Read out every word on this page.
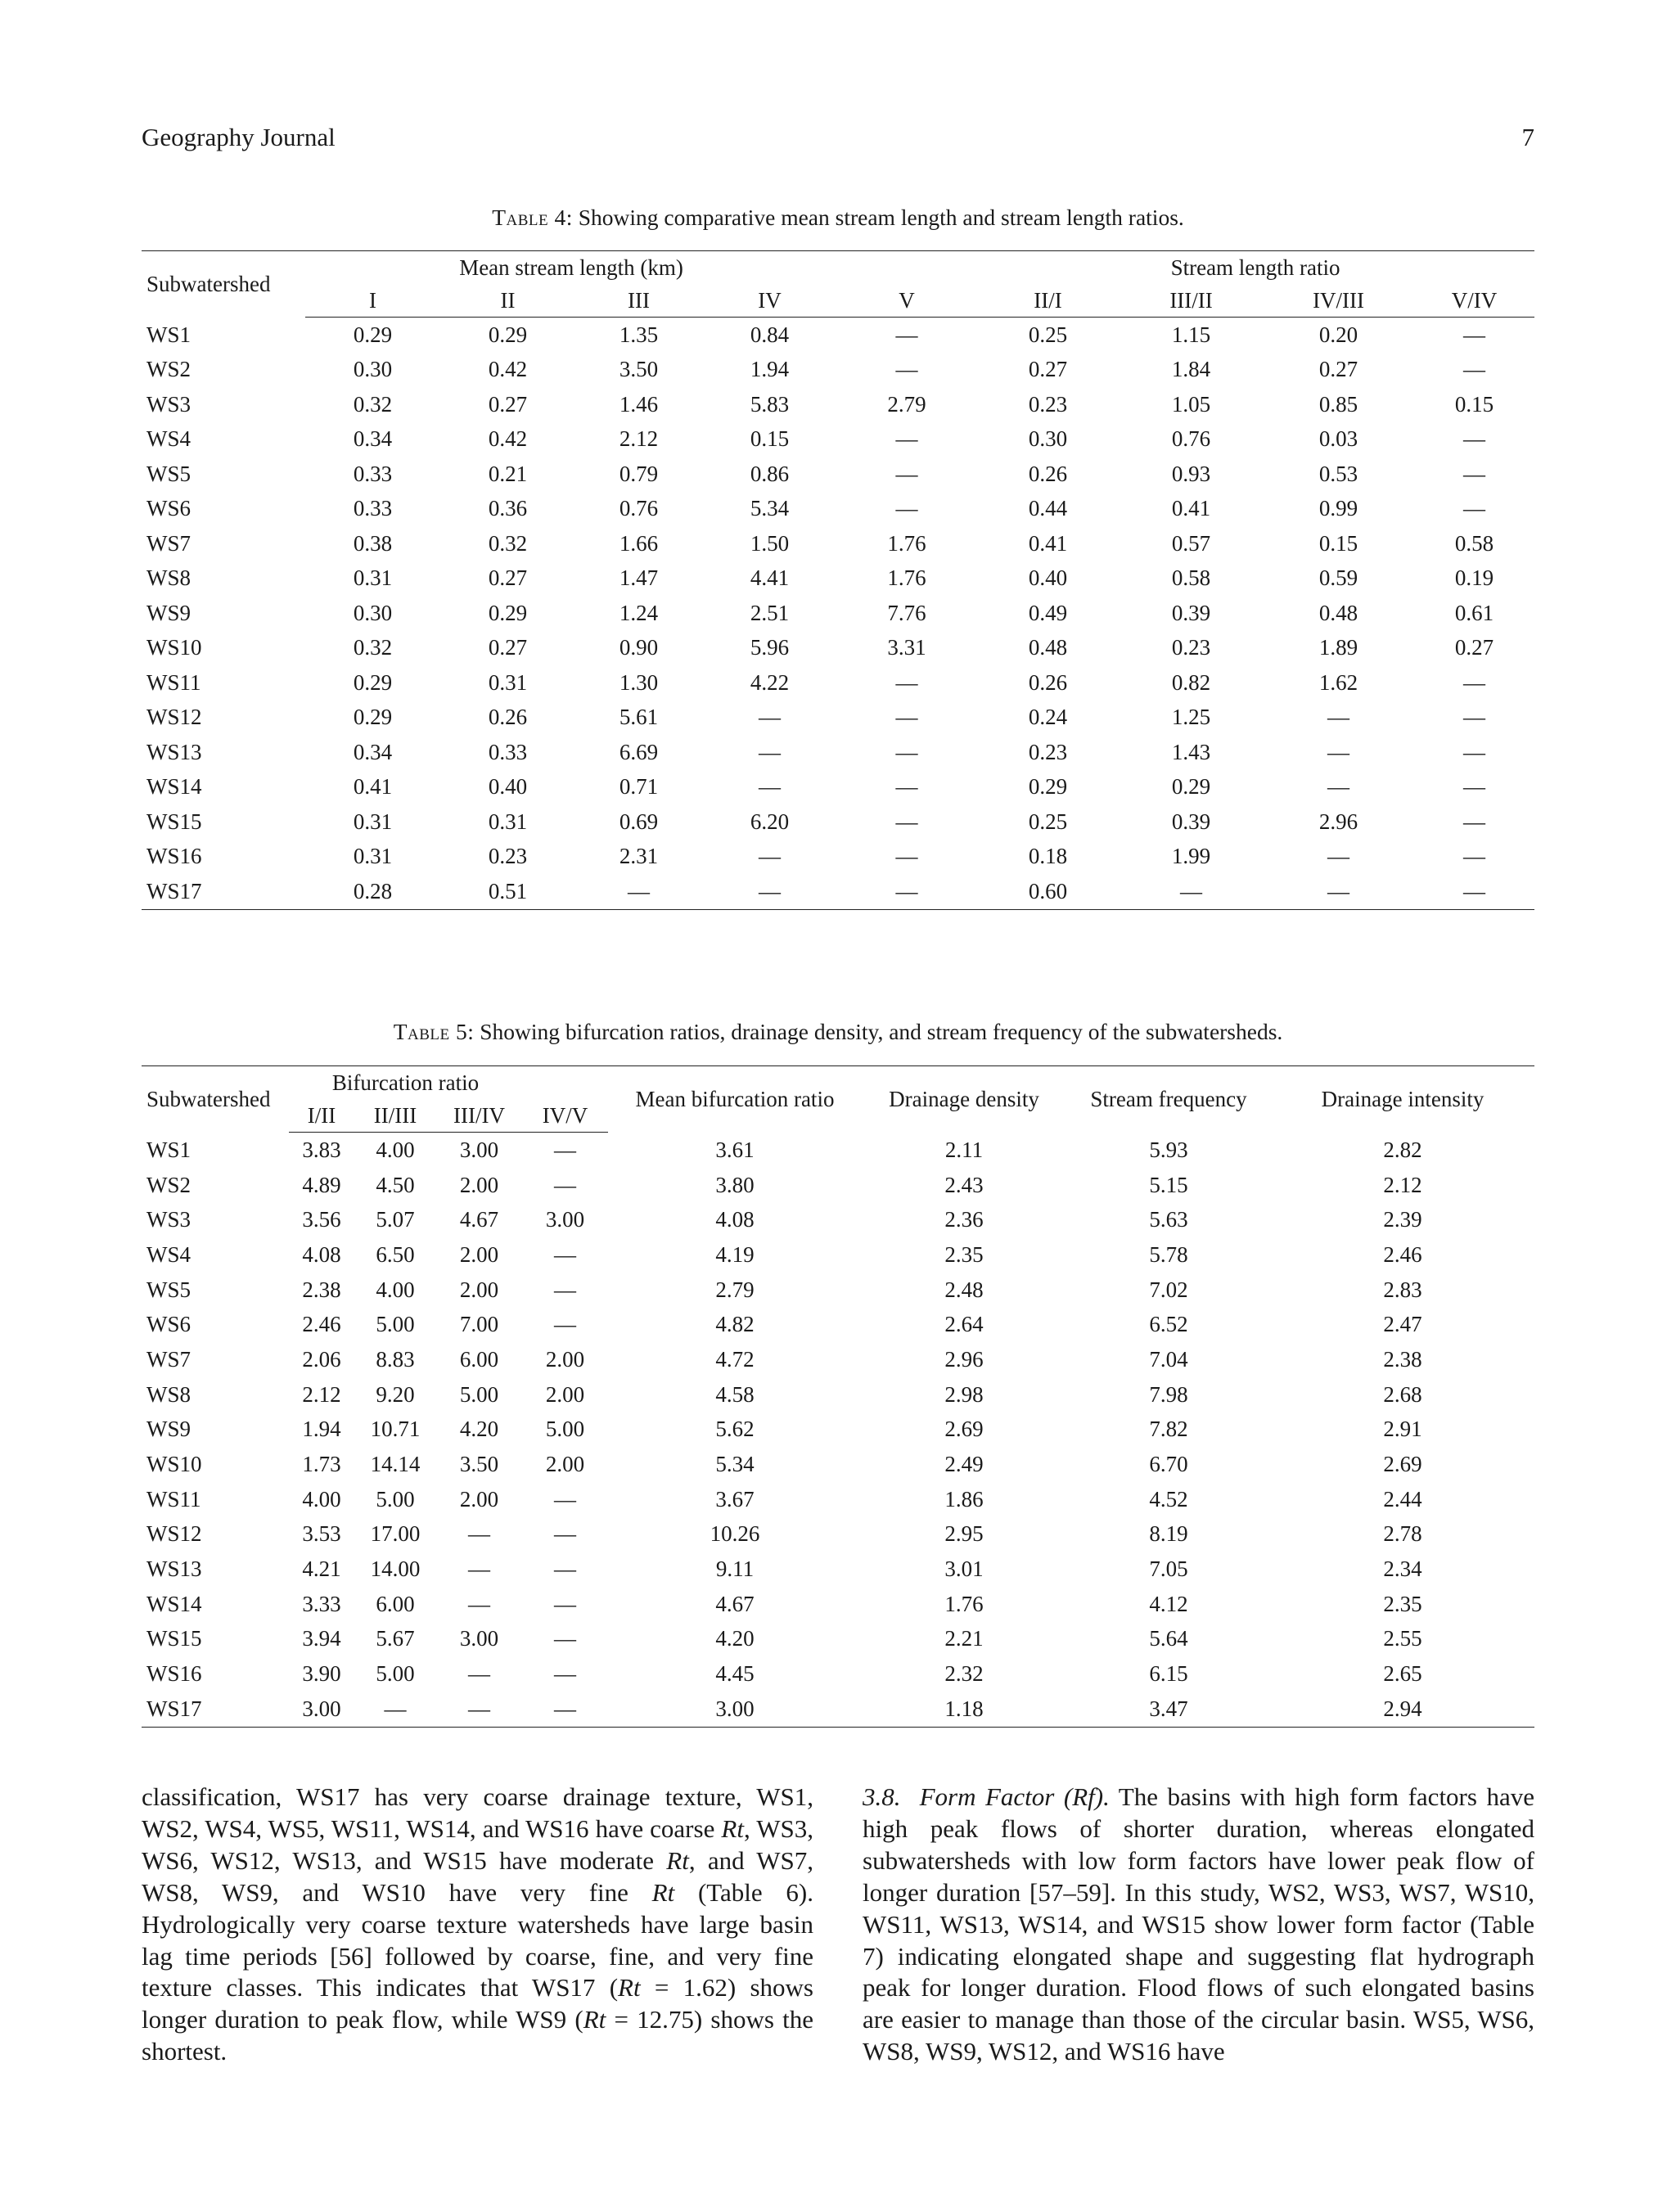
Geography Journal	7
Table 4: Showing comparative mean stream length and stream length ratios.
Subwatershed	Mean stream length (km)					Stream length ratio			
	I	II	III	IV	V	II/I	III/II	IV/III	V/IV
WS1	0.29	0.29	1.35	0.84	—	0.25	1.15	0.20	—
WS2	0.30	0.42	3.50	1.94	—	0.27	1.84	0.27	—
WS3	0.32	0.27	1.46	5.83	2.79	0.23	1.05	0.85	0.15
WS4	0.34	0.42	2.12	0.15	—	0.30	0.76	0.03	—
WS5	0.33	0.21	0.79	0.86	—	0.26	0.93	0.53	—
WS6	0.33	0.36	0.76	5.34	—	0.44	0.41	0.99	—
WS7	0.38	0.32	1.66	1.50	1.76	0.41	0.57	0.15	0.58
WS8	0.31	0.27	1.47	4.41	1.76	0.40	0.58	0.59	0.19
WS9	0.30	0.29	1.24	2.51	7.76	0.49	0.39	0.48	0.61
WS10	0.32	0.27	0.90	5.96	3.31	0.48	0.23	1.89	0.27
WS11	0.29	0.31	1.30	4.22	—	0.26	0.82	1.62	—
WS12	0.29	0.26	5.61	—	—	0.24	1.25	—	—
WS13	0.34	0.33	6.69	—	—	0.23	1.43	—	—
WS14	0.41	0.40	0.71	—	—	0.29	0.29	—	—
WS15	0.31	0.31	0.69	6.20	—	0.25	0.39	2.96	—
WS16	0.31	0.23	2.31	—	—	0.18	1.99	—	—
WS17	0.28	0.51	—	—	—	0.60	—	—	—
Table 5: Showing bifurcation ratios, drainage density, and stream frequency of the subwatersheds.
Subwatershed	Bifurcation ratio				Mean bifurcation ratio	Drainage density	Stream frequency	Drainage intensity
	I/II	II/III	III/IV	IV/V				
WS1	3.83	4.00	3.00	—	3.61	2.11	5.93	2.82
WS2	4.89	4.50	2.00	—	3.80	2.43	5.15	2.12
WS3	3.56	5.07	4.67	3.00	4.08	2.36	5.63	2.39
WS4	4.08	6.50	2.00	—	4.19	2.35	5.78	2.46
WS5	2.38	4.00	2.00	—	2.79	2.48	7.02	2.83
WS6	2.46	5.00	7.00	—	4.82	2.64	6.52	2.47
WS7	2.06	8.83	6.00	2.00	4.72	2.96	7.04	2.38
WS8	2.12	9.20	5.00	2.00	4.58	2.98	7.98	2.68
WS9	1.94	10.71	4.20	5.00	5.62	2.69	7.82	2.91
WS10	1.73	14.14	3.50	2.00	5.34	2.49	6.70	2.69
WS11	4.00	5.00	2.00	—	3.67	1.86	4.52	2.44
WS12	3.53	17.00	—	—	10.26	2.95	8.19	2.78
WS13	4.21	14.00	—	—	9.11	3.01	7.05	2.34
WS14	3.33	6.00	—	—	4.67	1.76	4.12	2.35
WS15	3.94	5.67	3.00	—	4.20	2.21	5.64	2.55
WS16	3.90	5.00	—	—	4.45	2.32	6.15	2.65
WS17	3.00	—	—	—	3.00	1.18	3.47	2.94

classification, WS17 has very coarse drainage texture, WS1, WS2, WS4, WS5, WS11, WS14, and WS16 have coarse Rt, WS3, WS6, WS12, WS13, and WS15 have moderate Rt, and WS7, WS8, WS9, and WS10 have very fine Rt (Table 6). Hydrologically very coarse texture watersheds have large basin lag time periods [56] followed by coarse, fine, and very fine texture classes. This indicates that WS17 (Rt = 1.62) shows longer duration to peak flow, while WS9 (Rt = 12.75) shows the shortest.

3.8. Form Factor (Rf). The basins with high form factors have high peak flows of shorter duration, whereas elongated subwatersheds with low form factors have lower peak flow of longer duration [57–59]. In this study, WS2, WS3, WS7, WS10, WS11, WS13, WS14, and WS15 show lower form factor (Table 7) indicating elongated shape and suggesting flat hydrograph peak for longer duration. Flood flows of such elongated basins are easier to manage than those of the circular basin. WS5, WS6, WS8, WS9, WS12, and WS16 have
